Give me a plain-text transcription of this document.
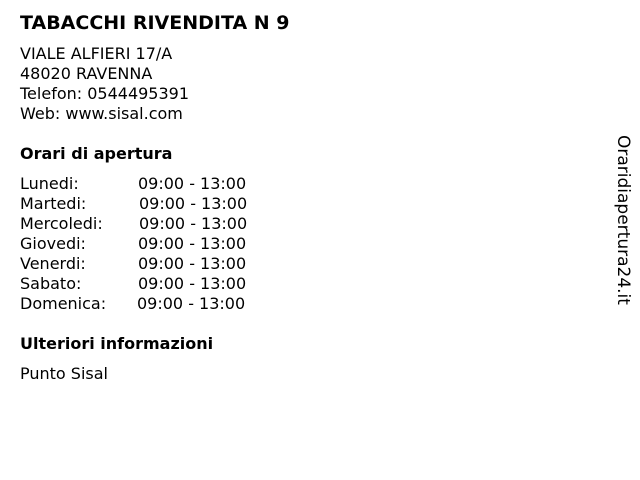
TABACCHI RIVENDITA N 9
VIALE ALFIERI 17/A
48020 RAVENNA
Telefon: 0544495391
Web: www.sisal.com
Orari di apertura
Lunedi:	09:00 - 13:00
Martedi:	09:00 - 13:00
Mercoledi: 09:00 - 13:00
Giovedi:	09:00 - 13:00
Venerdi:	09:00 - 13:00
Sabato:	09:00 - 13:00
Domenica: 09:00 - 13:00
Ulteriori informazioni
Punto Sisal
Oraridiapertura24.it
